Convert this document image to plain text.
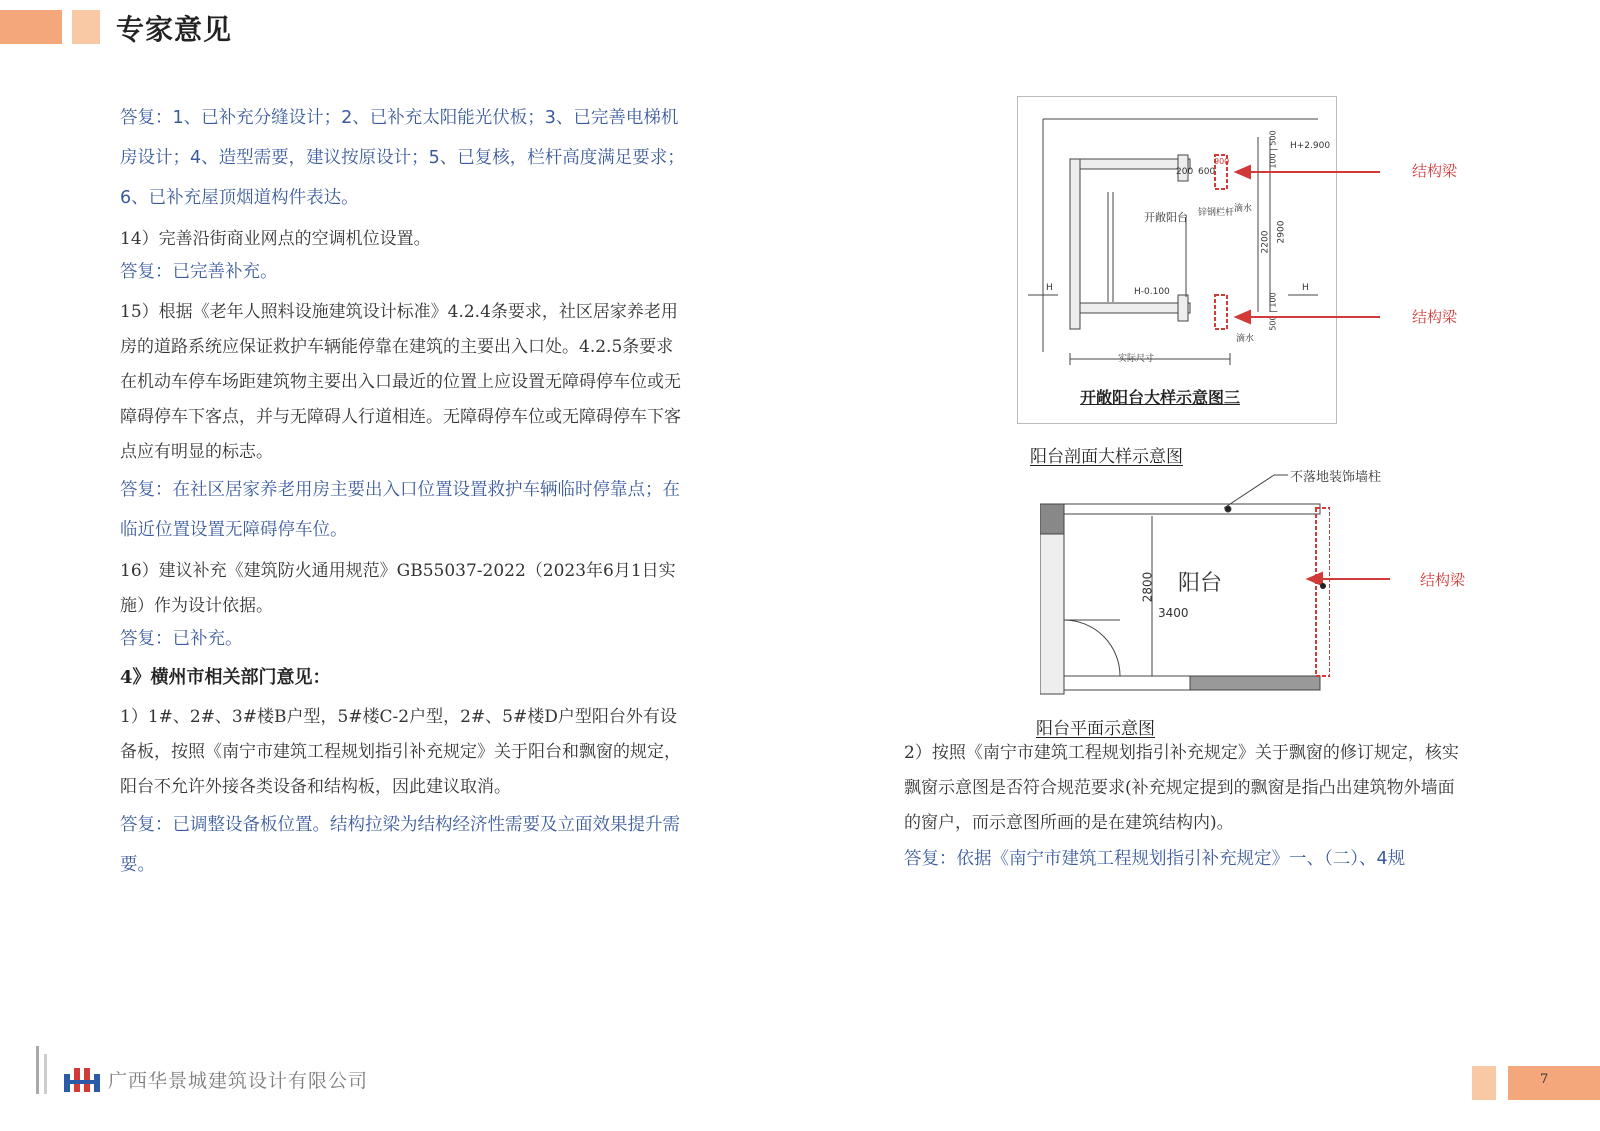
专家意见

答复：1、已补充分缝设计；2、已补充太阳能光伏板；3、已完善电梯机房设计；4、造型需要，建议按原设计；5、已复核，栏杆高度满足要求；6、已补充屋顶烟道构件表达。

14）完善沿街商业网点的空调机位设置。

答复：已完善补充。

15）根据《老年人照料设施建筑设计标准》4.2.4条要求，社区居家养老用房的道路系统应保证救护车辆能停靠在建筑的主要出入口处。4.2.5条要求在机动车停车场距建筑物主要出入口最近的位置上应设置无障碍停车位或无障碍停车下客点，并与无障碍人行道相连。无障碍停车位或无障碍停车下客点应有明显的标志。

答复：在社区居家养老用房主要出入口位置设置救护车辆临时停靠点；在临近位置设置无障碍停车位。

16）建议补充《建筑防火通用规范》GB55037-2022（2023年6月1日实施）作为设计依据。

答复：已补充。

4》横州市相关部门意见：

1）1#、2#、3#楼B户型，5#楼C-2户型，2#、5#楼D户型阳台外有设备板，按照《南宁市建筑工程规划指引补充规定》关于阳台和飘窗的规定，阳台不允许外接各类设备和结构板，因此建议取消。

答复：已调整设备板位置。结构拉梁为结构经济性需要及立面效果提升需要。

200 600
H+2.900
开敞阳台 锌钢栏杆 滴水
2200 2900
H-0.100
H	H
滴水
实际尺寸
100 | 500
500 | 100
900
开敞阳台大样示意图三
结构梁
结构梁
阳台剖面大样示意图
不落地装饰墙柱
结构梁
阳台
3400
2800
阳台平面示意图

2）按照《南宁市建筑工程规划指引补充规定》关于飘窗的修订规定，核实飘窗示意图是否符合规范要求(补充规定提到的飘窗是指凸出建筑物外墙面的窗户，而示意图所画的是在建筑结构内)。

答复：依据《南宁市建筑工程规划指引补充规定》一、（二）、4规

广西华景城建筑设计有限公司	7
